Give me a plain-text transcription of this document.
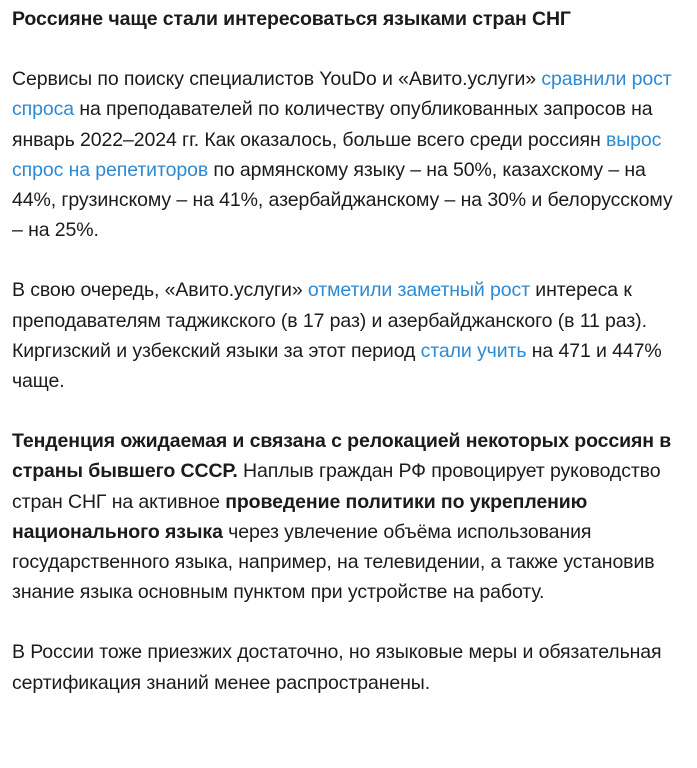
Россияне чаще стали интересоваться языками стран СНГ

Сервисы по поиску специалистов YouDo и «Авито.услуги» сравнили рост спроса на преподавателей по количеству опубликованных запросов на январь 2022–2024 гг. Как оказалось, больше всего среди россиян вырос спрос на репетиторов по армянскому языку – на 50%, казахскому – на 44%, грузинскому – на 41%, азербайджанскому – на 30% и белорусскому – на 25%.

В свою очередь, «Авито.услуги» отметили заметный рост интереса к преподавателям таджикского (в 17 раз) и азербайджанского (в 11 раз). Киргизский и узбекский языки за этот период стали учить на 471 и 447% чаще.

Тенденция ожидаемая и связана с релокацией некоторых россиян в страны бывшего СССР. Наплыв граждан РФ провоцирует руководство стран СНГ на активное проведение политики по укреплению национального языка через увлечение объёма использования государственного языка, например, на телевидении, а также установив знание языка основным пунктом при устройстве на работу.

В России тоже приезжих достаточно, но языковые меры и обязательная сертификация знаний менее распространены.
